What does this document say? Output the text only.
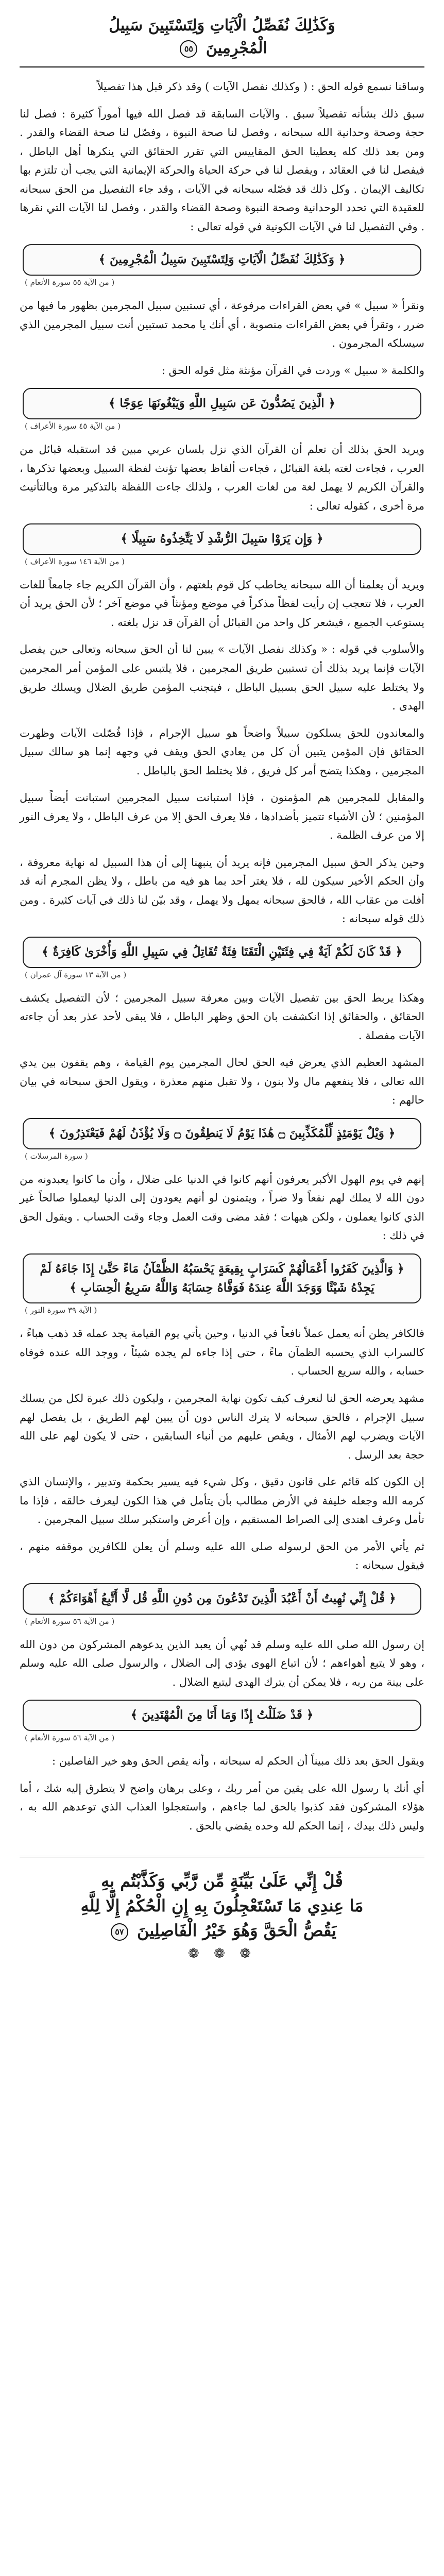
وَكَذَٰلِكَ نُفَصِّلُ الْآيَاتِ وَلِتَسْتَبِينَ سَبِيلُ
الْمُجْرِمِينَ ٥٥

وساقنا نسمع قوله الحق : ( وكذلك نفصل الآيات ) وقد ذكر قبل هذا تفصيلاً

سبق ذلك بشأنه تفصيلاً سبق . والآيات السابقة قد فصل الله فيها أموراً كثيرة : فصل لنا حجة وصحة وحدانية الله سبحانه ، وفصل لنا صحة النبوة ، وفصّل لنا صحة القضاء والقدر . ومن بعد ذلك كله يعطينا الحق المقاييس التي تقرر الحقائق التي ينكرها أهل الباطل ، فيفصل لنا في العقائد ، ويفصل لنا في حركة الحياة والحركة الإيمانية التي يجب أن تلتزم بها تكاليف الإيمان . وكل ذلك قد فصّله سبحانه في الآيات ، وقد جاء التفصيل من الحق سبحانه للعقيدة التي تحدد الوحدانية وصحة النبوة وصحة القضاء والقدر ، وفصل لنا الآيات التي نقرها . وفي التفصيل لنا في الآيات الكونية في قوله تعالى :

﴿ وَكَذَٰلِكَ نُفَصِّلُ الْآيَاتِ وَلِتَسْتَبِينَ سَبِيلُ الْمُجْرِمِينَ ﴾
( من الآية ٥٥ سورة الأنعام )

ونقرأ « سبيل » في بعض القراءات مرفوعة ، أي تستبين سبيل المجرمين بظهور ما فيها من ضرر ، وتقرأ في بعض القراءات منصوبة ، أي أنك يا محمد تستبين أنت سبيل المجرمين الذي سيسلكه المجرمون .

والكلمة « سبيل » وردت في القرآن مؤنثة مثل قوله الحق :

﴿ الَّذِينَ يَصُدُّونَ عَن سَبِيلِ اللَّهِ وَيَبْغُونَهَا عِوَجًا ﴾
( من الآية ٤٥ سورة الأعراف )

ويريد الحق بذلك أن تعلم أن القرآن الذي نزل بلسان عربي مبين قد استقبله قبائل من العرب ، فجاءت لغته بلغة القبائل ، فجاءت ألفاظ بعضها تؤنث لفظة السبيل وبعضها تذكرها ، والقرآن الكريم لا يهمل لغة من لغات العرب ، ولذلك جاءت اللفظة بالتذكير مرة وبالتأنيث مرة أخرى ، كقوله تعالى :

﴿ وَإِن يَرَوْا سَبِيلَ الرُّشْدِ لَا يَتَّخِذُوهُ سَبِيلًا ﴾
( من الآية ١٤٦ سورة الأعراف )

ويريد أن يعلمنا أن الله سبحانه يخاطب كل قوم بلغتهم ، وأن القرآن الكريم جاء جامعاً للغات العرب ، فلا تتعجب إن رأيت لفظاً مذكراً في موضع ومؤنثاً في موضع آخر ؛ لأن الحق يريد أن يستوعب الجميع ، فيشعر كل واحد من القبائل أن القرآن قد نزل بلغته .

والأسلوب في قوله : « وكذلك نفصل الآيات » يبين لنا أن الحق سبحانه وتعالى حين يفصل الآيات فإنما يريد بذلك أن تستبين طريق المجرمين ، فلا يلتبس على المؤمن أمر المجرمين ولا يختلط عليه سبيل الحق بسبيل الباطل ، فيتجنب المؤمن طريق الضلال ويسلك طريق الهدى .

والمعاندون للحق يسلكون سبيلاً واضحاً هو سبيل الإجرام ، فإذا فُصّلت الآيات وظهرت الحقائق فإن المؤمن يتبين أن كل من يعادي الحق ويقف في وجهه إنما هو سالك سبيل المجرمين ، وهكذا يتضح أمر كل فريق ، فلا يختلط الحق بالباطل .

والمقابل للمجرمين هم المؤمنون ، فإذا استبانت سبيل المجرمين استبانت أيضاً سبيل المؤمنين ؛ لأن الأشياء تتميز بأضدادها ، فلا يعرف الحق إلا من عرف الباطل ، ولا يعرف النور إلا من عرف الظلمة .

وحين يذكر الحق سبيل المجرمين فإنه يريد أن ينبهنا إلى أن هذا السبيل له نهاية معروفة ، وأن الحكم الأخير سيكون لله ، فلا يغتر أحد بما هو فيه من باطل ، ولا يظن المجرم أنه قد أفلت من عقاب الله ، فالحق سبحانه يمهل ولا يهمل ، وقد بيّن لنا ذلك في آيات كثيرة . ومن ذلك قوله سبحانه :

﴿ قَدْ كَانَ لَكُمْ آيَةٌ فِي فِئَتَيْنِ الْتَقَتَا فِئَةٌ تُقَاتِلُ فِي سَبِيلِ اللَّهِ وَأُخْرَىٰ كَافِرَةٌ ﴾
( من الآية ١٣ سورة آل عمران )

وهكذا يربط الحق بين تفصيل الآيات وبين معرفة سبيل المجرمين ؛ لأن التفصيل يكشف الحقائق ، والحقائق إذا انكشفت بان الحق وظهر الباطل ، فلا يبقى لأحد عذر بعد أن جاءته الآيات مفصلة .

المشهد العظيم الذي يعرض فيه الحق لحال المجرمين يوم القيامة ، وهم يقفون بين يدي الله تعالى ، فلا ينفعهم مال ولا بنون ، ولا تقبل منهم معذرة ، ويقول الحق سبحانه في بيان حالهم :

﴿ وَيْلٌ يَوْمَئِذٍ لِّلْمُكَذِّبِينَ ۝ هَٰذَا يَوْمُ لَا يَنطِقُونَ ۝ وَلَا يُؤْذَنُ لَهُمْ فَيَعْتَذِرُونَ ﴾
( سورة المرسلات )

إنهم في يوم الهول الأكبر يعرفون أنهم كانوا في الدنيا على ضلال ، وأن ما كانوا يعبدونه من دون الله لا يملك لهم نفعاً ولا ضراً ، ويتمنون لو أنهم يعودون إلى الدنيا ليعملوا صالحاً غير الذي كانوا يعملون ، ولكن هيهات ؛ فقد مضى وقت العمل وجاء وقت الحساب . ويقول الحق في ذلك :

﴿ وَالَّذِينَ كَفَرُوا أَعْمَالُهُمْ كَسَرَابٍ بِقِيعَةٍ يَحْسَبُهُ الظَّمْآنُ مَاءً حَتَّىٰ إِذَا جَاءَهُ لَمْ يَجِدْهُ شَيْئًا وَوَجَدَ اللَّهَ عِندَهُ فَوَفَّاهُ حِسَابَهُ وَاللَّهُ سَرِيعُ الْحِسَابِ ﴾
( الآية ٣٩ سورة النور )

فالكافر يظن أنه يعمل عملاً نافعاً في الدنيا ، وحين يأتي يوم القيامة يجد عمله قد ذهب هباءً ، كالسراب الذي يحسبه الظمآن ماءً ، حتى إذا جاءه لم يجده شيئاً ، ووجد الله عنده فوفاه حسابه ، والله سريع الحساب .

مشهد يعرضه الحق لنا لنعرف كيف تكون نهاية المجرمين ، وليكون ذلك عبرة لكل من يسلك سبيل الإجرام ، فالحق سبحانه لا يترك الناس دون أن يبين لهم الطريق ، بل يفصل لهم الآيات ويضرب لهم الأمثال ، ويقص عليهم من أنباء السابقين ، حتى لا يكون لهم على الله حجة بعد الرسل .

إن الكون كله قائم على قانون دقيق ، وكل شيء فيه يسير بحكمة وتدبير ، والإنسان الذي كرمه الله وجعله خليفة في الأرض مطالب بأن يتأمل في هذا الكون ليعرف خالقه ، فإذا ما تأمل وعرف اهتدى إلى الصراط المستقيم ، وإن أعرض واستكبر سلك سبيل المجرمين .

ثم يأتي الأمر من الحق لرسوله صلى الله عليه وسلم أن يعلن للكافرين موقفه منهم ، فيقول سبحانه :

﴿ قُلْ إِنِّي نُهِيتُ أَنْ أَعْبُدَ الَّذِينَ تَدْعُونَ مِن دُونِ اللَّهِ قُل لَّا أَتَّبِعُ أَهْوَاءَكُمْ ﴾
( من الآية ٥٦ سورة الأنعام )

إن رسول الله صلى الله عليه وسلم قد نُهي أن يعبد الذين يدعوهم المشركون من دون الله ، وهو لا يتبع أهواءهم ؛ لأن اتباع الهوى يؤدي إلى الضلال ، والرسول صلى الله عليه وسلم على بينة من ربه ، فلا يمكن أن يترك الهدى ليتبع الضلال .

﴿ قَدْ ضَلَلْتُ إِذًا وَمَا أَنَا مِنَ الْمُهْتَدِينَ ﴾
( من الآية ٥٦ سورة الأنعام )

ويقول الحق بعد ذلك مبيناً أن الحكم له سبحانه ، وأنه يقص الحق وهو خير الفاصلين :

أي أنك يا رسول الله على يقين من أمر ربك ، وعلى برهان واضح لا يتطرق إليه شك ، أما هؤلاء المشركون فقد كذبوا بالحق لما جاءهم ، واستعجلوا العذاب الذي توعدهم الله به ، وليس ذلك بيدك ، إنما الحكم لله وحده يقضي بالحق .

قُلْ إِنِّي عَلَىٰ بَيِّنَةٍ مِّن رَّبِّي وَكَذَّبْتُم بِهِ
مَا عِندِي مَا تَسْتَعْجِلُونَ بِهِ إِنِ الْحُكْمُ إِلَّا لِلَّهِ
يَقُصُّ الْحَقَّ وَهُوَ خَيْرُ الْفَاصِلِينَ ٥٧
❁ ❁ ❁
